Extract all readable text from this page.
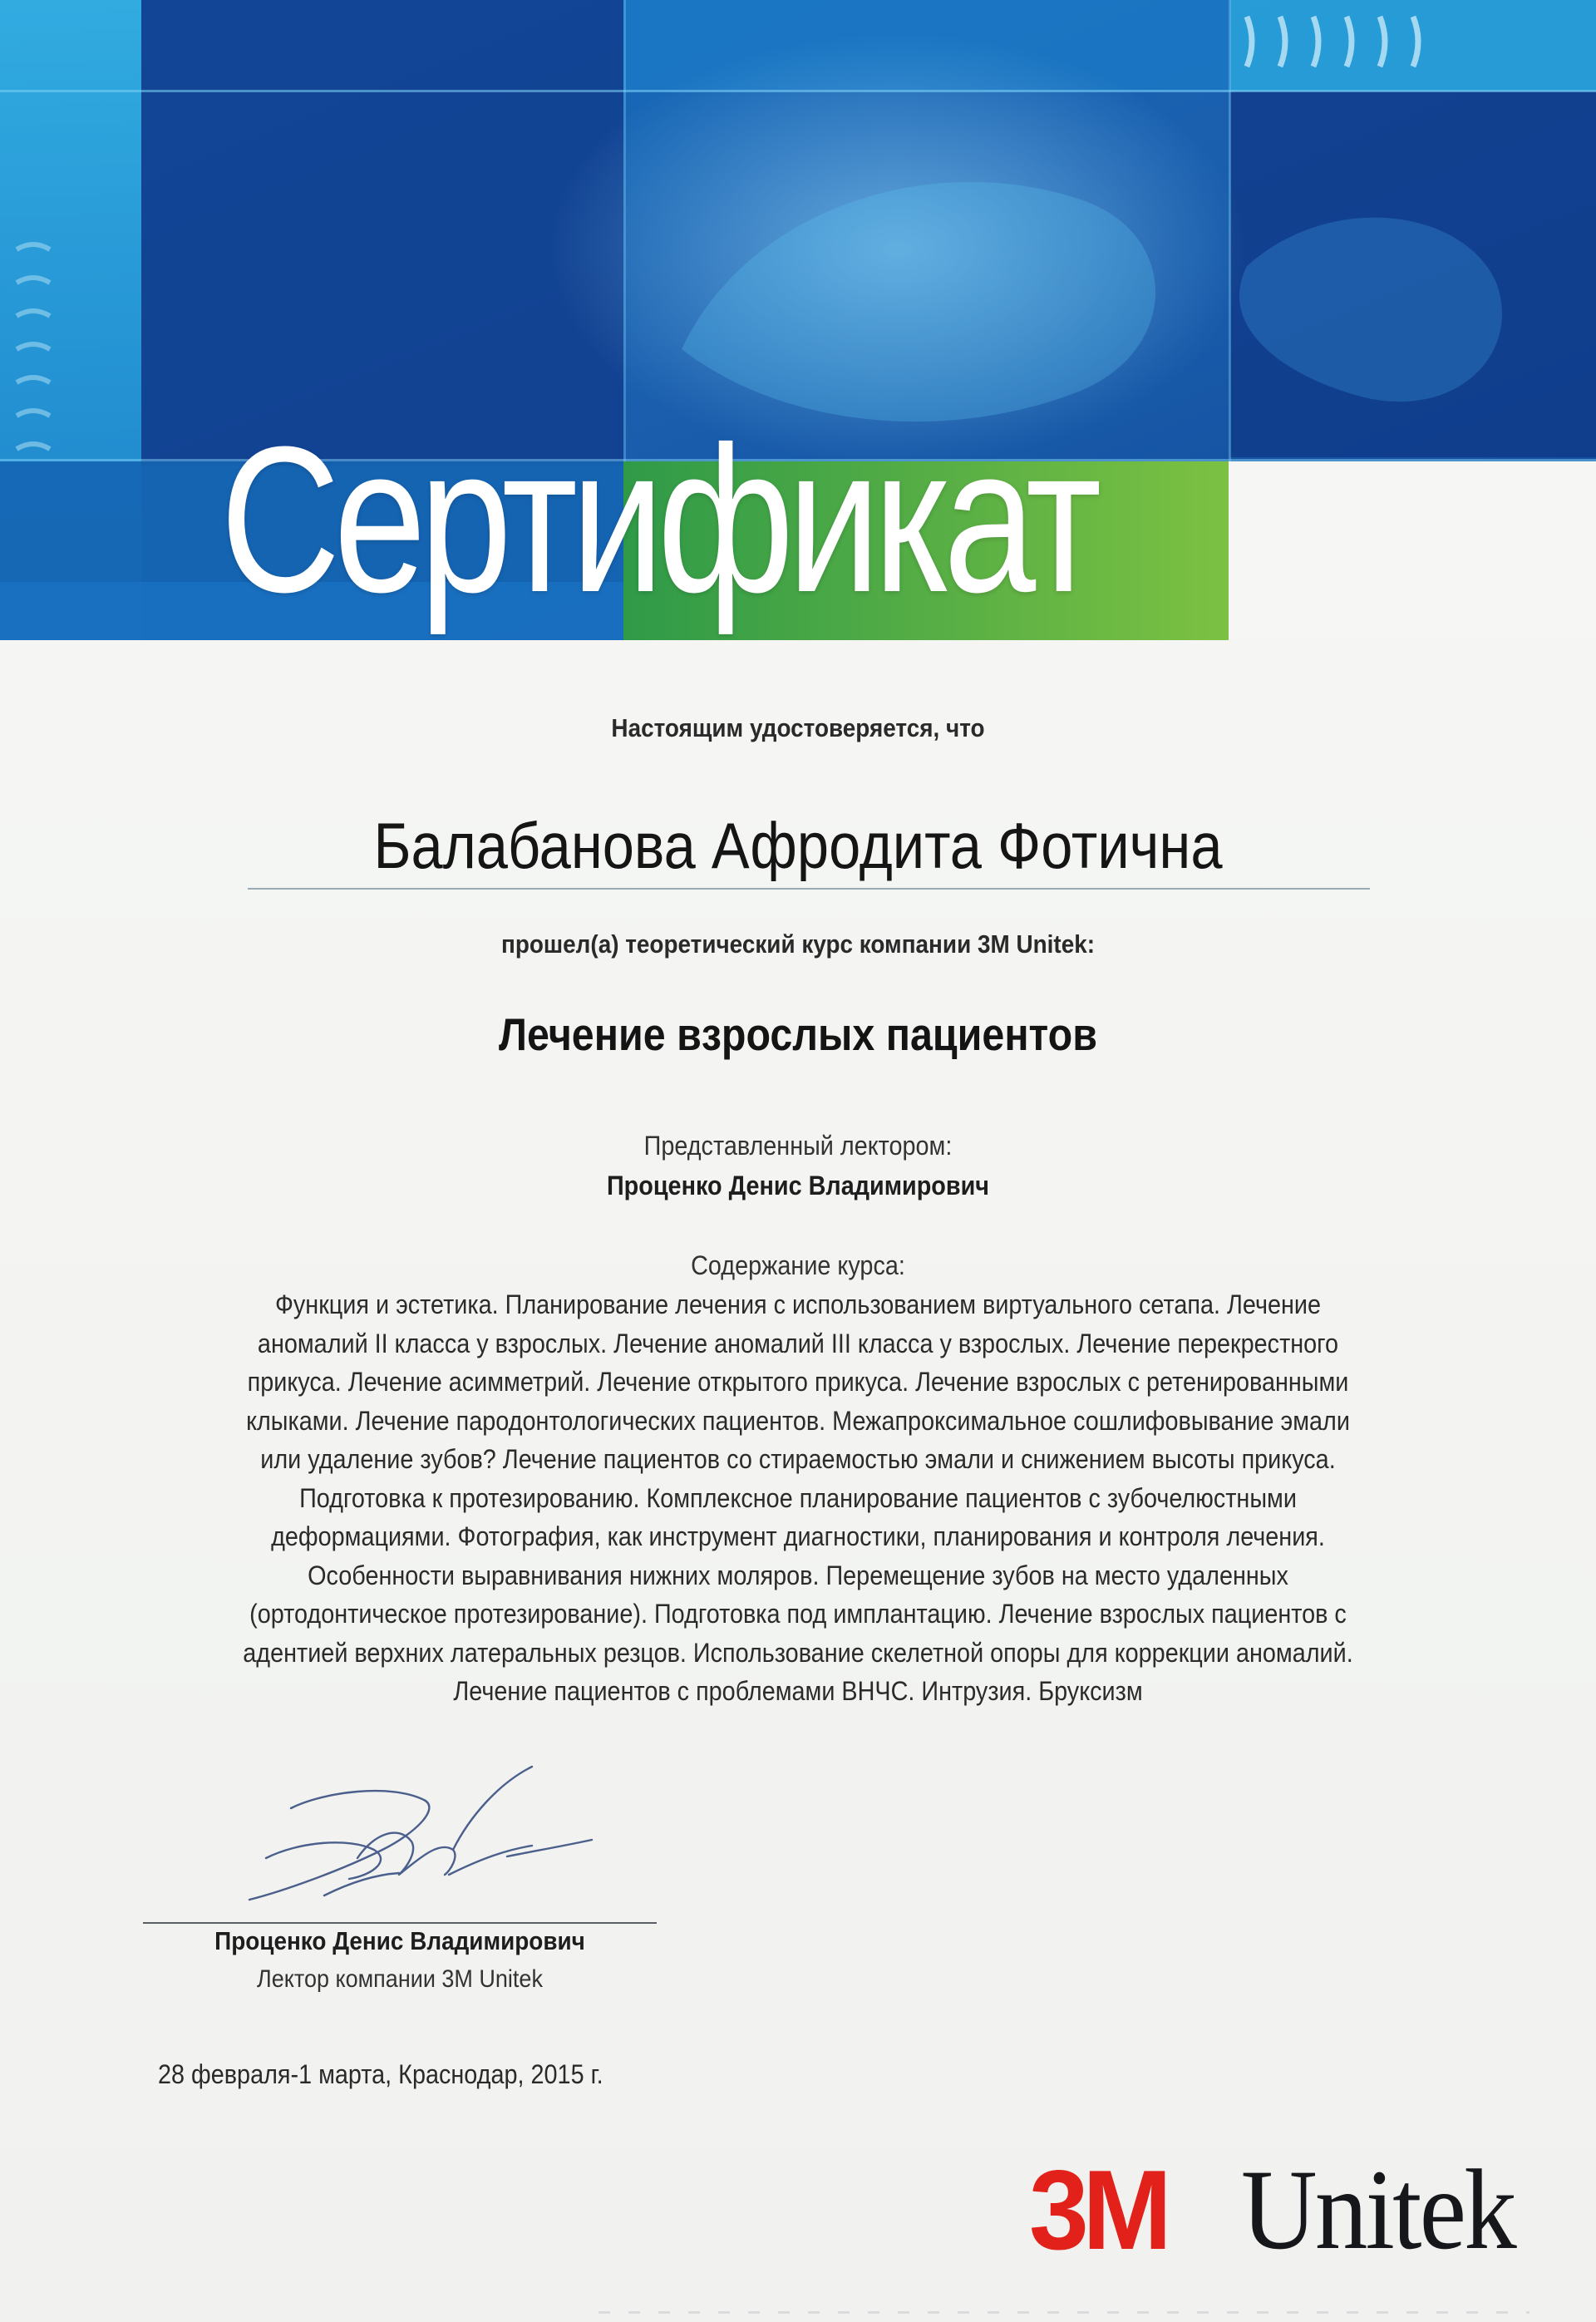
Сертификат
Настоящим удостоверяется, что
Балабанова Афродита Фотична
прошел(а) теоретический курс компании 3M Unitek:
Лечение взрослых пациентов
Представленный лектором:
Проценко Денис Владимирович
Содержание курса:
Функция и эстетика. Планирование лечения с использованием виртуального сетапа. Лечение
аномалий II класса у взрослых. Лечение аномалий III класса у взрослых. Лечение перекрестного
прикуса. Лечение асимметрий. Лечение открытого прикуса. Лечение взрослых с ретенированными
клыками. Лечение пародонтологических пациентов. Межапроксимальное сошлифовывание эмали
или удаление зубов? Лечение пациентов со стираемостью эмали и снижением высоты прикуса.
Подготовка к протезированию. Комплексное планирование пациентов с зубочелюстными
деформациями. Фотография, как инструмент диагностики, планирования и контроля лечения.
Особенности выравнивания нижних моляров. Перемещение зубов на место удаленных
(ортодонтическое протезирование). Подготовка под имплантацию. Лечение взрослых пациентов с
адентией верхних латеральных резцов. Использование скелетной опоры для коррекции аномалий.
Лечение пациентов с проблемами ВНЧС. Интрузия. Бруксизм
Проценко Денис Владимирович
Лектор компании 3M Unitek
28 февраля-1 марта, Краснодар, 2015 г.
3M Unitek
